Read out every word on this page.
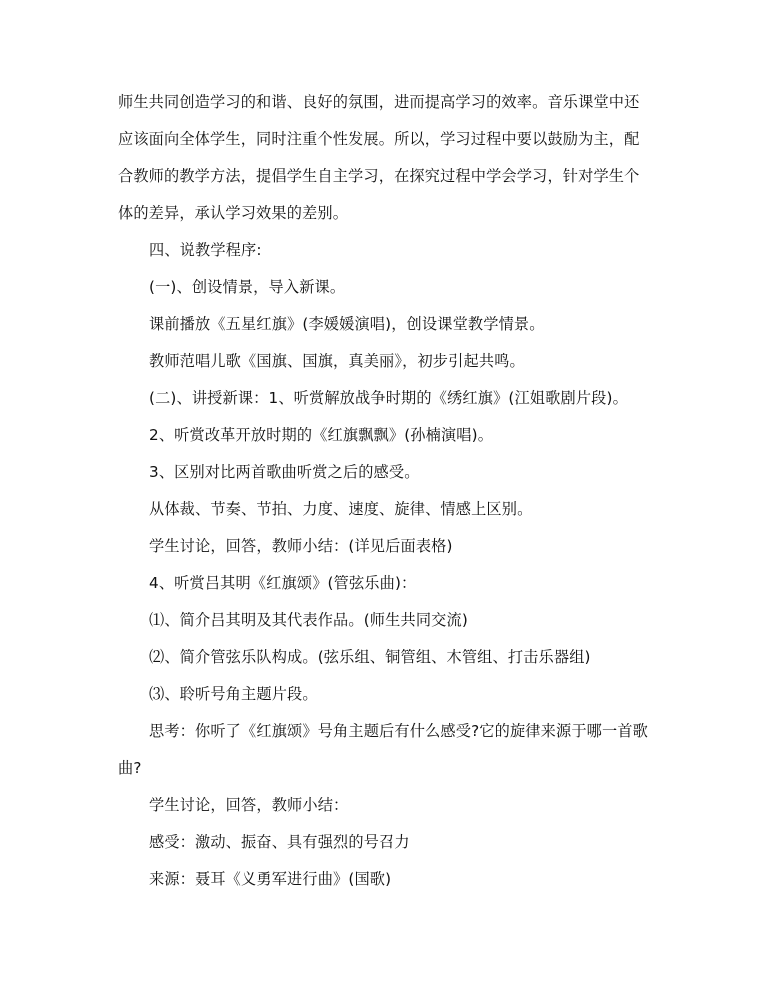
师生共同创造学习的和谐、良好的氛围，进而提高学习的效率。音乐课堂中还
应该面向全体学生，同时注重个性发展。所以，学习过程中要以鼓励为主，配
合教师的教学方法，提倡学生自主学习，在探究过程中学会学习，针对学生个
体的差异，承认学习效果的差别。
四、说教学程序:
(一)、创设情景，导入新课。
课前播放《五星红旗》(李媛媛演唱)，创设课堂教学情景。
教师范唱儿歌《国旗、国旗，真美丽》，初步引起共鸣。
(二)、讲授新课：1、听赏解放战争时期的《绣红旗》(江姐歌剧片段)。
2、听赏改革开放时期的《红旗飘飘》(孙楠演唱)。
3、区别对比两首歌曲听赏之后的感受。
从体裁、节奏、节拍、力度、速度、旋律、情感上区别。
学生讨论，回答，教师小结：(详见后面表格)
4、听赏吕其明《红旗颂》(管弦乐曲)：
⑴、简介吕其明及其代表作品。(师生共同交流)
⑵、简介管弦乐队构成。(弦乐组、铜管组、木管组、打击乐器组)
⑶、聆听号角主题片段。
思考：你听了《红旗颂》号角主题后有什么感受?它的旋律来源于哪一首歌
曲?
学生讨论，回答，教师小结：
感受：激动、振奋、具有强烈的号召力
来源：聂耳《义勇军进行曲》(国歌)
